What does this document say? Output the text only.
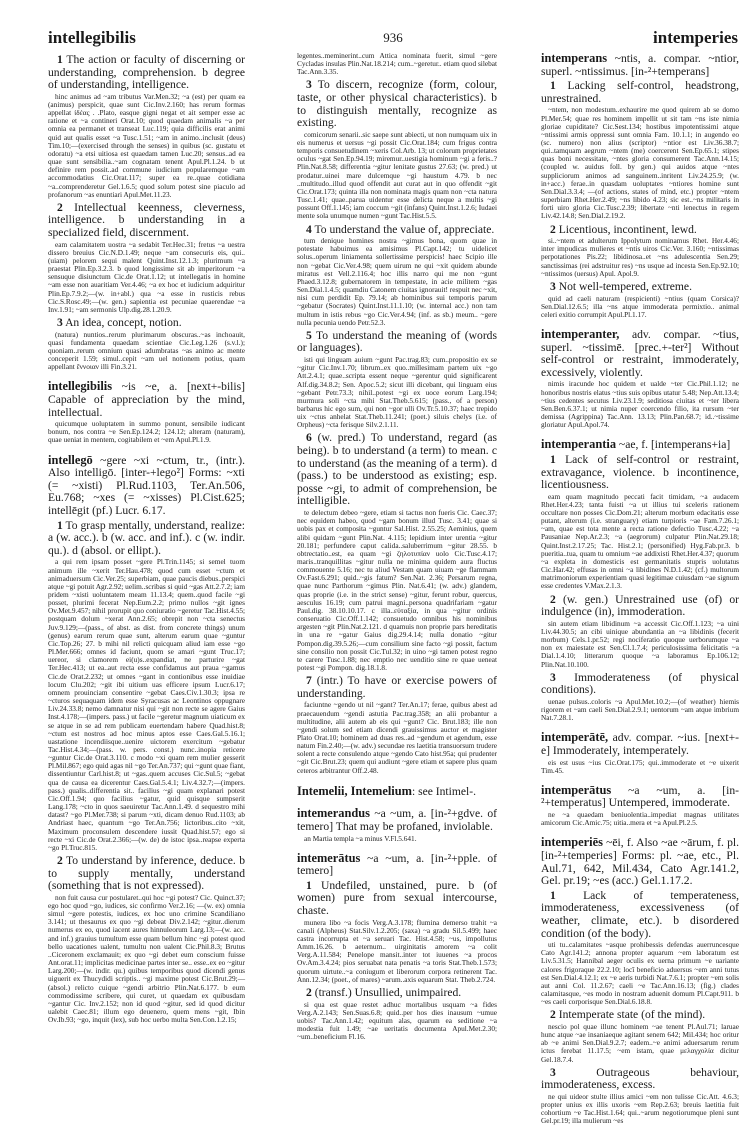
intellegibilis	936	intemperies

1 The action or faculty of discerning or understanding, comprehension. b degree of understanding, intelligence.

hinc animus ad ~am tributus Var.Men.32; ~a (est) per quam ea (animus) perspicit, quae sunt Cic.Inv.2.160; has rerum formas appellat ἰδέας . .Plato, easque gigni negat et ait semper esse ac ratione et ~a contineri Orat.10; quod quaedam animalis ~a per omnia ea permanet et transeat Luc.119; quia difficilis erat animi quid aut qualis esset ~a Tusc.1.51; ~am in animo..inclusit (deus) Tim.10;—(exercised through the senses) in quibus (sc. gustatu et odoratu) ~a etsi uitiosa est quaedam tamen Luc.20; sensus..ad ea quae sunt sensibilia..~am cognatam tenent Apul.Pl.1.24. b ut definire rem possit..ad commune iudicium popularemque ~am accommodatius Cic.Orat.117; super ea re..quae cotidiana ~a..comprenderetur Gel.1.6.5; quod solum potest sine piaculo ad profanorum ~as enuntiari Apul.Met.11.23.

2 Intellectual keenness, cleverness, intelligence. b understanding in a specialized field, discernment.

eam calamitatem uostra ~a sedabit Ter.Hec.31; fretus ~a uestra dissero breuius Cic.N.D.1.49; neque ~am consecuris eis, qui..(uiam) pelorem sequi malent Quint.Inst.12.1.3; plurimum ~a praestat Plin.Ep.3.2.3. b quod longissime sit ab imperitorum ~a sensuque disiunctum Cic.de Orat.1.12; ut intellegatis in homine ~am esse non auaritiam Ver.4.46; ~a ex hoc et iudicium adquiritur Plin.Ep.7.9.2;—(w. in+abl.) qua ~a esse in rusticis rebus Cic.S.Rosc.49;—(w. gen.) sapientia est pecuniae quaerendae ~a Inv.1.91; ~am sermonis Ulp.dig.28.1.20.9.

3 An idea, concept, notion.

(natura) nuntios..rerum plurimarum obscuras..~as inchoauit, quasi fundamenta quaedam scientiae Cic.Leg.1.26 (s.v.l.); quoniam..rerum omnium quasi adumbratas ~as animo ac mente conceperit 1.59; simul..cepit ~am uel notionem potius, quam appellant ἔννοιαν illi Fin.3.21.

intellegibilis ~is ~e, a. [next+-bilis] Capable of appreciation by the mind, intellectual.

quicumque uoluptatem in summo ponunt, sensibile iudicant bonum, nos contra ~e Sen.Ep.124.2; 124.12; alteram (naturam), quae ueniat in mentem, cogitabilem et ~em Apul.Pl.1.9.

intellegō ~gere ~xi ~ctum, tr., (intr.). Also intelligō. [inter-+lego²] Forms: ~xti (= ~xisti) Pl.Rud.1103, Ter.An.506, Eu.768; ~xes (= ~xisses) Pl.Cist.625; intellēgit (pf.) Lucr. 6.17.

1 To grasp mentally, understand, realize: a (w. acc.). b (w. acc. and inf.). c (w. indir. qu.). d (absol. or ellipt.).

a qui rem ipsam posset ~gere Pl.Trin.1145; si semel tuom animum ille ~xerit Ter.Hau.478; quod cum esset ~ctum et animaduersum Cic.Ver.25; superbiam, quae paucis diebus..perspici atque ~gi potuit Agr.2.92; uelim..scribas si quid ~gas Att.2.7.2; iam pridem ~xisti uoluntatem meam 11.13.4; quem..quod facile ~gi posset, plurimi fecerat Nep.Eum.2.2; primo nullos ~git ignes Ov.Met.9.457; nihil prorupit quo coniuratio ~geretur Tac.Hist.4.55; postquam dolum ~xerat Ann.2.65; obrepit non ~cta senectus Juv.9.129;—(pass., of abst. as dist. from concrete things) unum (genus) earum rerum quae sunt, alterum earum quae ~guntur Cic.Top.26; 27. b mihi nil relicti quicquam aliud iam esse ~go Pl.Mer.666; omnes id faciunt, quom se amari ~gunt Truc.17; uereor, si clamorem ei(u)s..expandiat, ne parturire ~gat Ter.Hec.413; ut ea..aut recta esse confidamus aut praua ~gamus Cic.de Orat.2.232; ut omnes ~gant in contionibus esse inuidiae locum Clu.202; ~git ibi uitium uas efficere ipsum Lucr.6.17; omnem prouinciam consentire ~gebat Caes.Civ.1.30.3; ipsa re ~cturos sequaquam idem esse Syracusas ac Leontinos oppugnare Liv.24.33.8; nemo damnatur nisi qui ~git non recte se agere Gaius Inst.4.178;—(impers. pass.) ut facile ~geretur magnum uiaticum ex se atque in se ad rem publicam euertendam habere Quad.hist.8; ~ctum est nostros ad hoc minus aptos esse Caes.Gal.5.16.1; uastatione incendiisque..uenire uictorem exercitum ~gebatur Tac.Hist.4.34;—(pass. w. pers. const.) nunc..inopia reticere ~guntur Cic.de Orat.3.110. c modo ~xi quam rem mulier gesserit Pl.Mil.867; ego quid agas nil ~go Ter.An.737; qui ~gunt quae fiant, dissentiuntur Carl.hist.8; ut ~gas..quem accuses Cic.Sul.5; ~gebat qua de causa ea dicerentur Caes.Gal.5.4.1; Liv.4.32.7;—(impers. pass.) qualis..differentia sit.. facilius ~gi quam explanari potest Cic.Off.1.94; quo facilius ~gatur, quid quisque sumpserit Lang.178; ~cto in quos saeuiretur Tac.Ann.1.49. d sequestro mihi datast? ~go Pl.Mer.738; si parum ~xti, dicam denuo Rud.1103; ab Andriast haec, quantum ~go Ter.An.756; lictoribus..cito ~xit, Maximum proconsulem descendere iussit Quad.hist.57; ego si recte ~xi Cic.de Orat.2.366;—(w. de) de istoc ipsa..reapse experta ~go Pl.Truc.815.

2 To understand by inference, deduce. b to supply mentally, understand (something that is not expressed).

non fuit causa cur postularet..qui hoc ~gi potest? Cic. Quinct.37; ego hoc quod ~go, iudices, sic confirmo Ver.2.16; —(w. ex) omnia simul ~gere potestis, iudices, ex hoc uno crimine Scandiliano 3.141; ut thesaurus ex quo ~gi debeat Div.2.142; ~gitur..dierum numerus ex eo, quod iacent aures hinnuleorum Larg.13;—(w. acc. and inf.) grauius tumultum esse quam bellum hinc ~gi potest quod bello uacationes ualent, tumultu non ualent Cic.Phil.8.3; Brutus ..Ciceronem exclamauit; ex quo ~gi debet eum conscium fuisse Ant.orat.11; implicitas medicinae partes inter se.. esse..ex eo ~gitur Larg.200;—(w. indir. qu.) quibus temporibus quod dicendi genus uiguerit ex Thucydidi scriptis.. ~gi maxime potest Cic.Brut.29;—(absol.) relicto cuique ~gendi arbitrio Plin.Nat.6.177. b eum commodissime scribere, qui curet, ut quaedam ex quibusdam ~gantur Cic. Inv.2.152; non id quod ~gitur, sed id quod dicitur ualebit Caec.81; illum ego deuenero, quem mens ~git, Ibin Ov.Ib.93; ~go, inquit (lex), sub hoc uerbo multa Sen.Con.1.2.15;

legentes..meminerint..cum Attica nominata fuerit, simul ~gere Cycladas insulas Plin.Nat.18.214; cum..~geretur.. etiam quod silebat Tac.Ann.3.35.

3 To discern, recognize (form, colour, taste, or other physical characteristics). b to distinguish mentally, recognize as existing.

comicorum senarii..sic saepe sunt abiecti, ut non numquam uix in eis numerus et uersus ~gi possit Cic.Orat.184; cum frigus contra temporis consuetudinem ~xeris Col.Arb. 13; ut colorum proprietates oculus ~gat Sen.Ep.94.19; miremur..uestigia hominum ~gi a feris..? Plin.Nat.8.58; differentia ~gitur lenitate gustus 27.63; (w. pred.) ut prodatur..uinei mare dulcemque ~gi haustum 4.79. b nec ..multitudo..illud quod offendit aut curat aut in quo offendit ~git Cic.Orat.173; quinta illa non nominata magis quam non ~cta natura Tusc.1.41; quae..parua uidentur esse delicta neque a multis ~gi possunt Off.1.145; iam coccum ~git (infans) Quint.Inst.1.2.6; Iudaei mente sola unumque numen ~gunt Tac.Hist.5.5.

4 To understand the value of, appreciate.

tum denique homines nostra ~gimus bona, quom quae in potestate habuimus ea amisimus Pl.Capt.142; tu uidelicet solus..operum liniamenta sollertissime perspicis! haec Scipio ille non ~gebat Cic.Ver.4.98; quem uirum ne qui ~xit quidem abunde miratus est Vell.2.116.4; hoc illis narro qui me non ~gunt Phaed.3.12.8; gubernatorem in tempestate, in acie militem ~gas Sen.Dial.1.4.5; quamdiu Catonem ciuitas ignorauit! respuit nec ~xit, nisi cum perdidit Ep. 79.14; ab hominibus sui temporis parum ~gebatur (Socrates) Quint.Inst.11.1.10; (w. internal acc.) non tam multum in istis rebus ~go Cic.Ver.4.94; (inf. as sb.) meum.. ~gere nulla pecunia uendo Petr.52.3.

5 To understand the meaning of (words or languages).

isti qui linguam auium ~gunt Pac.trag.83; cum..propositio ex se ~gitur Cic.Inv.1.70; librum..ex quo..millesimam partem uix ~go Att.2.4.1; quae..scripta essent neque ~gerentur quid significarent Alf.dig.34.8.2; Sen. Apoc.5.2; sicut illi dicebant, qui linguam eius ~gebant Petr.73.3; nihil..potest ~gi ex uoce eorum Larg.194; murmura soli ~cta mihi Stat.Theb.5.615; (pass., of a person) barbarus hic ego sum, qui non ~gor ulli Ov.Tr.5.10.37; haec trepido uix ~ctus anhelat Stat.Theb.11.241; (poet.) siluis chelys (i.e. of Orpheus) ~cta ferisque Silv.2.1.11.

6 (w. pred.) To understand, regard (as being). b to understand (a term) to mean. c to understand (as the meaning of a term). d (pass.) to be understood as existing; esp. posse ~gi, to admit of comprehension, be intelligible.

te delectum debeo ~gere, etiam si tactus non fueris Cic. Caec.37; nec equidem habeo, quod ~gam bonum illud Tusc. 3.41; quae si uobis pax et composita ~guntur Sal.Hist. 2.55.25; Aeminius, quem alibi quidam ~gunt Plin.Nat. 4.115; lepidium inter urentia ~gitur 20.181; perfundere caput calida..saluberrimum ~gitur 28.55. b obtrectatio..est, ea quam ~gi ζηλοτυπίαν uolo Cic.Tusc.4.17; maris..tranquillitas ~gitur nulla ne minima quidem aura fluctus commouente 5.16; nec tu aliud Vestam quam uiuam ~ge flammam Ov.Fast.6.291; quid..~gis fatum? Sen.Nat. 2.36; Persarum regna, quae nunc Parthorum ~gimus Plin. Nat.6.41; (w. adv.) glandem, quas proprie (i.e. in the strict sense) ~gitur, ferunt robur, quercus, aesculus 16.19; cum patrui magni..persona quadrifariam ~gatur Paul.dig. 38.10.10.17. c illa..εὐταξία, in qua ~gitur ordinis conseruatio Cic.Off.1.142; consuetudo omnibus his nominibus argesten ~git Plin.Nat.2.121. d quamuis non proprie pars hereditatis in una re ~gatur Gaius dig.29.4.14; nulla donatio ~gitur Pompon.dig.39.5.26;—cum consilium sine facto ~gi possit, factum sine consilio non possit Cic.Tul.32; in uino ~gi tamen potest regno te carere Tusc.1.88; nec emptio nec uenditio sine re quae ueneat potest ~gi Pompon. dig.18.1.8.

7 (intr.) To have or exercise powers of understanding.

faciuntne ~gendo ut nil ~gant? Ter.An.17; ferae, quibus abest ad praecauendum ~gendi astutia Pac.trag.358; an alii probantur a multitudine, alii autem ab eis qui ~gunt? Cic. Brut.183; ille non ~gendi solum sed etiam dicendi grauissimus auctor et magister Plato Orat.10; hominem ad duas res..ad ~gendum et agendum, esse natum Fin.2.40;—(w. adv.) secundae res laetitia transuorsum trudere solent a recte consulendo atque ~gendo Cato hist.95a; qui prudenter ~git Cic.Brut.23; quem qui audiunt ~gere etiam et sapere plus quam ceteros arbitrantur Off.2.48.

Intemelii, Intemelium: see Intimel-.

intemerandus ~a ~um, a. [in-²+gdve. of temero] That may be profaned, inviolable.

an Martia templa ~a minus V.Fl.5.641.

intemerātus ~a ~um, a. [in-²+pple. of temero]

1 Undefiled, unstained, pure. b (of women) pure from sexual intercourse, chaste.

munera libo ~a focis Verg.A.3.178; flumina demerso trahit ~a canali (Alpheus) Stat.Silv.1.2.205; (saxa) ~a gradu Sil.5.499; haec castra incorrupta et ~a seruari Tac. Hist.4.58; ~us, impollutus Amm.16.26. b aeternum.. uirginitatis amorem ~a colit Verg.A.11.584; Penelope mansit..inter tot iuuenes ~a procos Ov.Am.3.4.24; pios seruabat nata penatis ~a toris Stat.Theb.1.573; quorum uirtute..~a coniugum et liberorum corpora retinerent Tac. Ann.12.34; (poet., of mares) ~arum..axis equarum Stat. Theb.2.724.

2 (transf.) Unsullied, unimpaired.

si qua est quae restet adhuc mortalibus usquam ~a fides Verg.A.2.143; Sen.Suas.6.8; quid..per hos dies inausum ~umue uobis? Tac.Ann.1.42; equitum alas, quarum ea seditione ~a modestia fuit 1.49; ~ae ueritatis documenta Apul.Met.2.30; ~um..beneficium Fl.16.

intemperans ~ntis, a. compar. ~ntior, superl. ~ntissimus. [in-²+temperans]

1 Lacking self-control, headstrong, unrestrained.

~ntem, non modestum..exhaurire me quod quirem ab se domo Pl.Mer.54; quae res hominem impellit ut sit tam ~ns iste nimia gloriae cupiditate? Cic.Sest.134; hostibus impotentissimi atque ~ntissimi armis oppressi sunt omnia Fam. 10.1.1; in augendo eo (sc. numero) non alius (scriptor) ~ntior est Liv.36.38.7; qui..tamquam aegrum ~ntem (me) coercerent Sen.Ep.65.1; stipes quas boni necessitate, ~ntes gloria consumerent Tac.Ann.14.15; (coupled w. auidus foll. by gen.) qui auidos atque ~ntes suppliciorum animos ad sanguinem..inritent Liv.24.25.9; (w. in+acc.) ferae..in quasdam uoluptates ~ntiores homine sunt Sen.Dial.3.3.4; —(of actions, states of mind, etc.) propter ~ntem superbiam Rhet.Her.2.49; ~ns libido 4.23; sic est..~ns militaris in forti uiro gloria Cic.Tusc.2.39; libertate ~nti lenectus in regem Liv.42.14.8; Sen.Dial.2.19.2.

2 Licentious, incontinent, lewd.

si..~ntem et adulterum Ippolytum nominamus Rhet. Her.4.46; inter impudicas mulieres et ~ntis uiros Cic.Ver. 3.160; ~ntissimas perpotationes Pis.22; libidinosa..et ~ns adulescentia Sen.29; sanctissimas (rei adstruitur res) ~ns usque ad incesta Sen.Ep.92.10; ~ntissimos (uersus) Apul. Apol.9.

3 Not well-tempered, extreme.

quid ad caeli naturam (respicienti) ~ntius (quam Corsica)? Sen.Dial.12.6.5; illa ~ns atque immoderata permixtio.. animal celeri exitio corrumpit Apul.Pl.1.17.

intemperanter, adv. compar. ~tius, superl. ~tissimē. [prec.+-ter²] Without self-control or restraint, immoderately, excessively, violently.

nimis iracunde hoc quidem et ualde ~ter Cic.Phil.1.12; ne honoribus nostris elatus ~tius suis opibus utatur 5.48; Nep.Att.13.4; ~tius cedentes secutus Liv.23.1.9; seditiosa ciuitas et ~ter libera Sen.Ben.6.37.1; ut nimia nuper coercendo filio, ita rursum ~ter demissa (Agrippina) Tac.Ann. 13.13; Plin.Pan.68.7; id..~tissime gloriatur Apul.Apol.74.

intemperantia ~ae, f. [intemperans+ia]

1 Lack of self-control or restraint, extravagance, violence. b incontinence, licentiousness.

eam quam magnitudo peccati facit timidam, ~a audacem Rhet.Her.4.23; tanta fuisti ~a ut illius tui sceleris rationem occultare non posses Cic.Dom.21; alterum morbum edacitatis esse putant, alterum (i.e. stranguary) etiam turpioris ~ae Fam.7.26.1; ~am, quae est tota mente a recta ratione defectio Tusc.4.22; ~a Pausaniae Nep.Ar.2.3; ~a (aegrorum) culpatur Plin.Nat.29.18; Quint.Inst.2.17.25; Tac. Hist.2.1; (personified) Hyg.Fab.pr.3. b pueritia..tua, quam tu omnium ~ae addixisti Rhet.Her.4.37; quorum ~a expleta in domesticis est germanitatis stupris uolutatus Cic.Har.42; effusas in omni ~a libidines N.D.1.42; (cf.) multorum matrimoniorum experientiam quasi legitimae cuiusdam ~ae signum esse credentes V.Max.2.1.3.

2 (w. gen.) Unrestrained use (of) or indulgence (in), immoderation.

sin autem etiam libidinum ~a accessit Cic.Off.1.123; ~a uini Liv.44.30.5; an cibi uinique abundantia an ~a libidinis (fecerit morbum) Cels.1.pr.52; regi nociferatio quoque uerborumque ~a non ex maiestate est Sen.Cl.1.7.4; periculosissima felicitatis ~a Dial.1.4.10; litterarum quoque ~a laboramus Ep.106.12; Plin.Nat.10.100.

3 Immoderateness (of physical conditions).

uenae pulsus..coloris ~a Apul.Met.10.2;—(of weather) hiemis rigorem et ~am caeli Sen.Dial.2.9.1; uentorum ~am atque imbrium Nat.7.28.1.

intemperātē, adv. compar. ~ius. [next+-e] Immoderately, intemperately.

eis est usus ~ius Cic.Orat.175; qui..immoderate et ~e uixerit Tim.45.

intemperātus ~a ~um, a. [in-²+temperatus] Untempered, immoderate.

ne ~a quaedam beniuolentia..impediat magnas utilitates amicorum Cic.Amic.75; uitia..mera et ~a Apul.Pl.2.5.

intemperiēs ~ēi, f. Also ~ae ~ārum, f. pl. [in-²+temperies] Forms: pl. ~ae, etc., Pl. Aul.71, 642, Mil.434, Cato Agr.141.2, Gel. pr.19; ~es (acc.) Gel.1.17.2.

1 Lack of temperateness, immoderateness, excessiveness (of weather, climate, etc.). b disordered condition (of the body).

uti tu..calamitates ~asque prohibessis defendas auerruncesque Cato Agr.141.2; annona propter aquarum ~em laboratum est Liv.5.31.5; Hannibal aeger oculis ex uerna primum ~e uariante calores frigoraque 22.2.10; locī beneficio aduersus ~em anni tutus est Sen.Dial.4.12.1; ex ~e aeris turbidi Nat.7.6.1; propter ~em solis aut anni Col. 11.2.67; caeli ~e Tac.Ann.16.13; (fig.) clades calamitasque, ~es modo in nostram aduenit domum Pl.Capt.911. b ~es caeli corporisque Sen.Dial.6.18.8.

2 Intemperate state (of the mind).

nescio pol quae illunc hominem ~ae tenent Pl.Aul.71; laruae hunc atque ~ae insaniaeque agitant senem 642; Mil.434; hoc oritur ab ~e animi Sen.Dial.9.2.7; eadem..~e animi aduersarum rerum ictus ferebat 11.17.5; ~em istam, quae μελαγχολία dicitur Gel.18.7.4.

3	Outrageous behaviour, immoderateness, excess.

ne qui uideor stulte illius amici ~em non tulisse Cic.Att. 4.6.3; propter unius ex illis uxoris ~em Rep.2.63; breuis laetitia fuit cohortium ~e Tac.Hist.1.64; qui..~arum negotiorumque pleni sunt Gel.pr.19; illa mulierum ~es
